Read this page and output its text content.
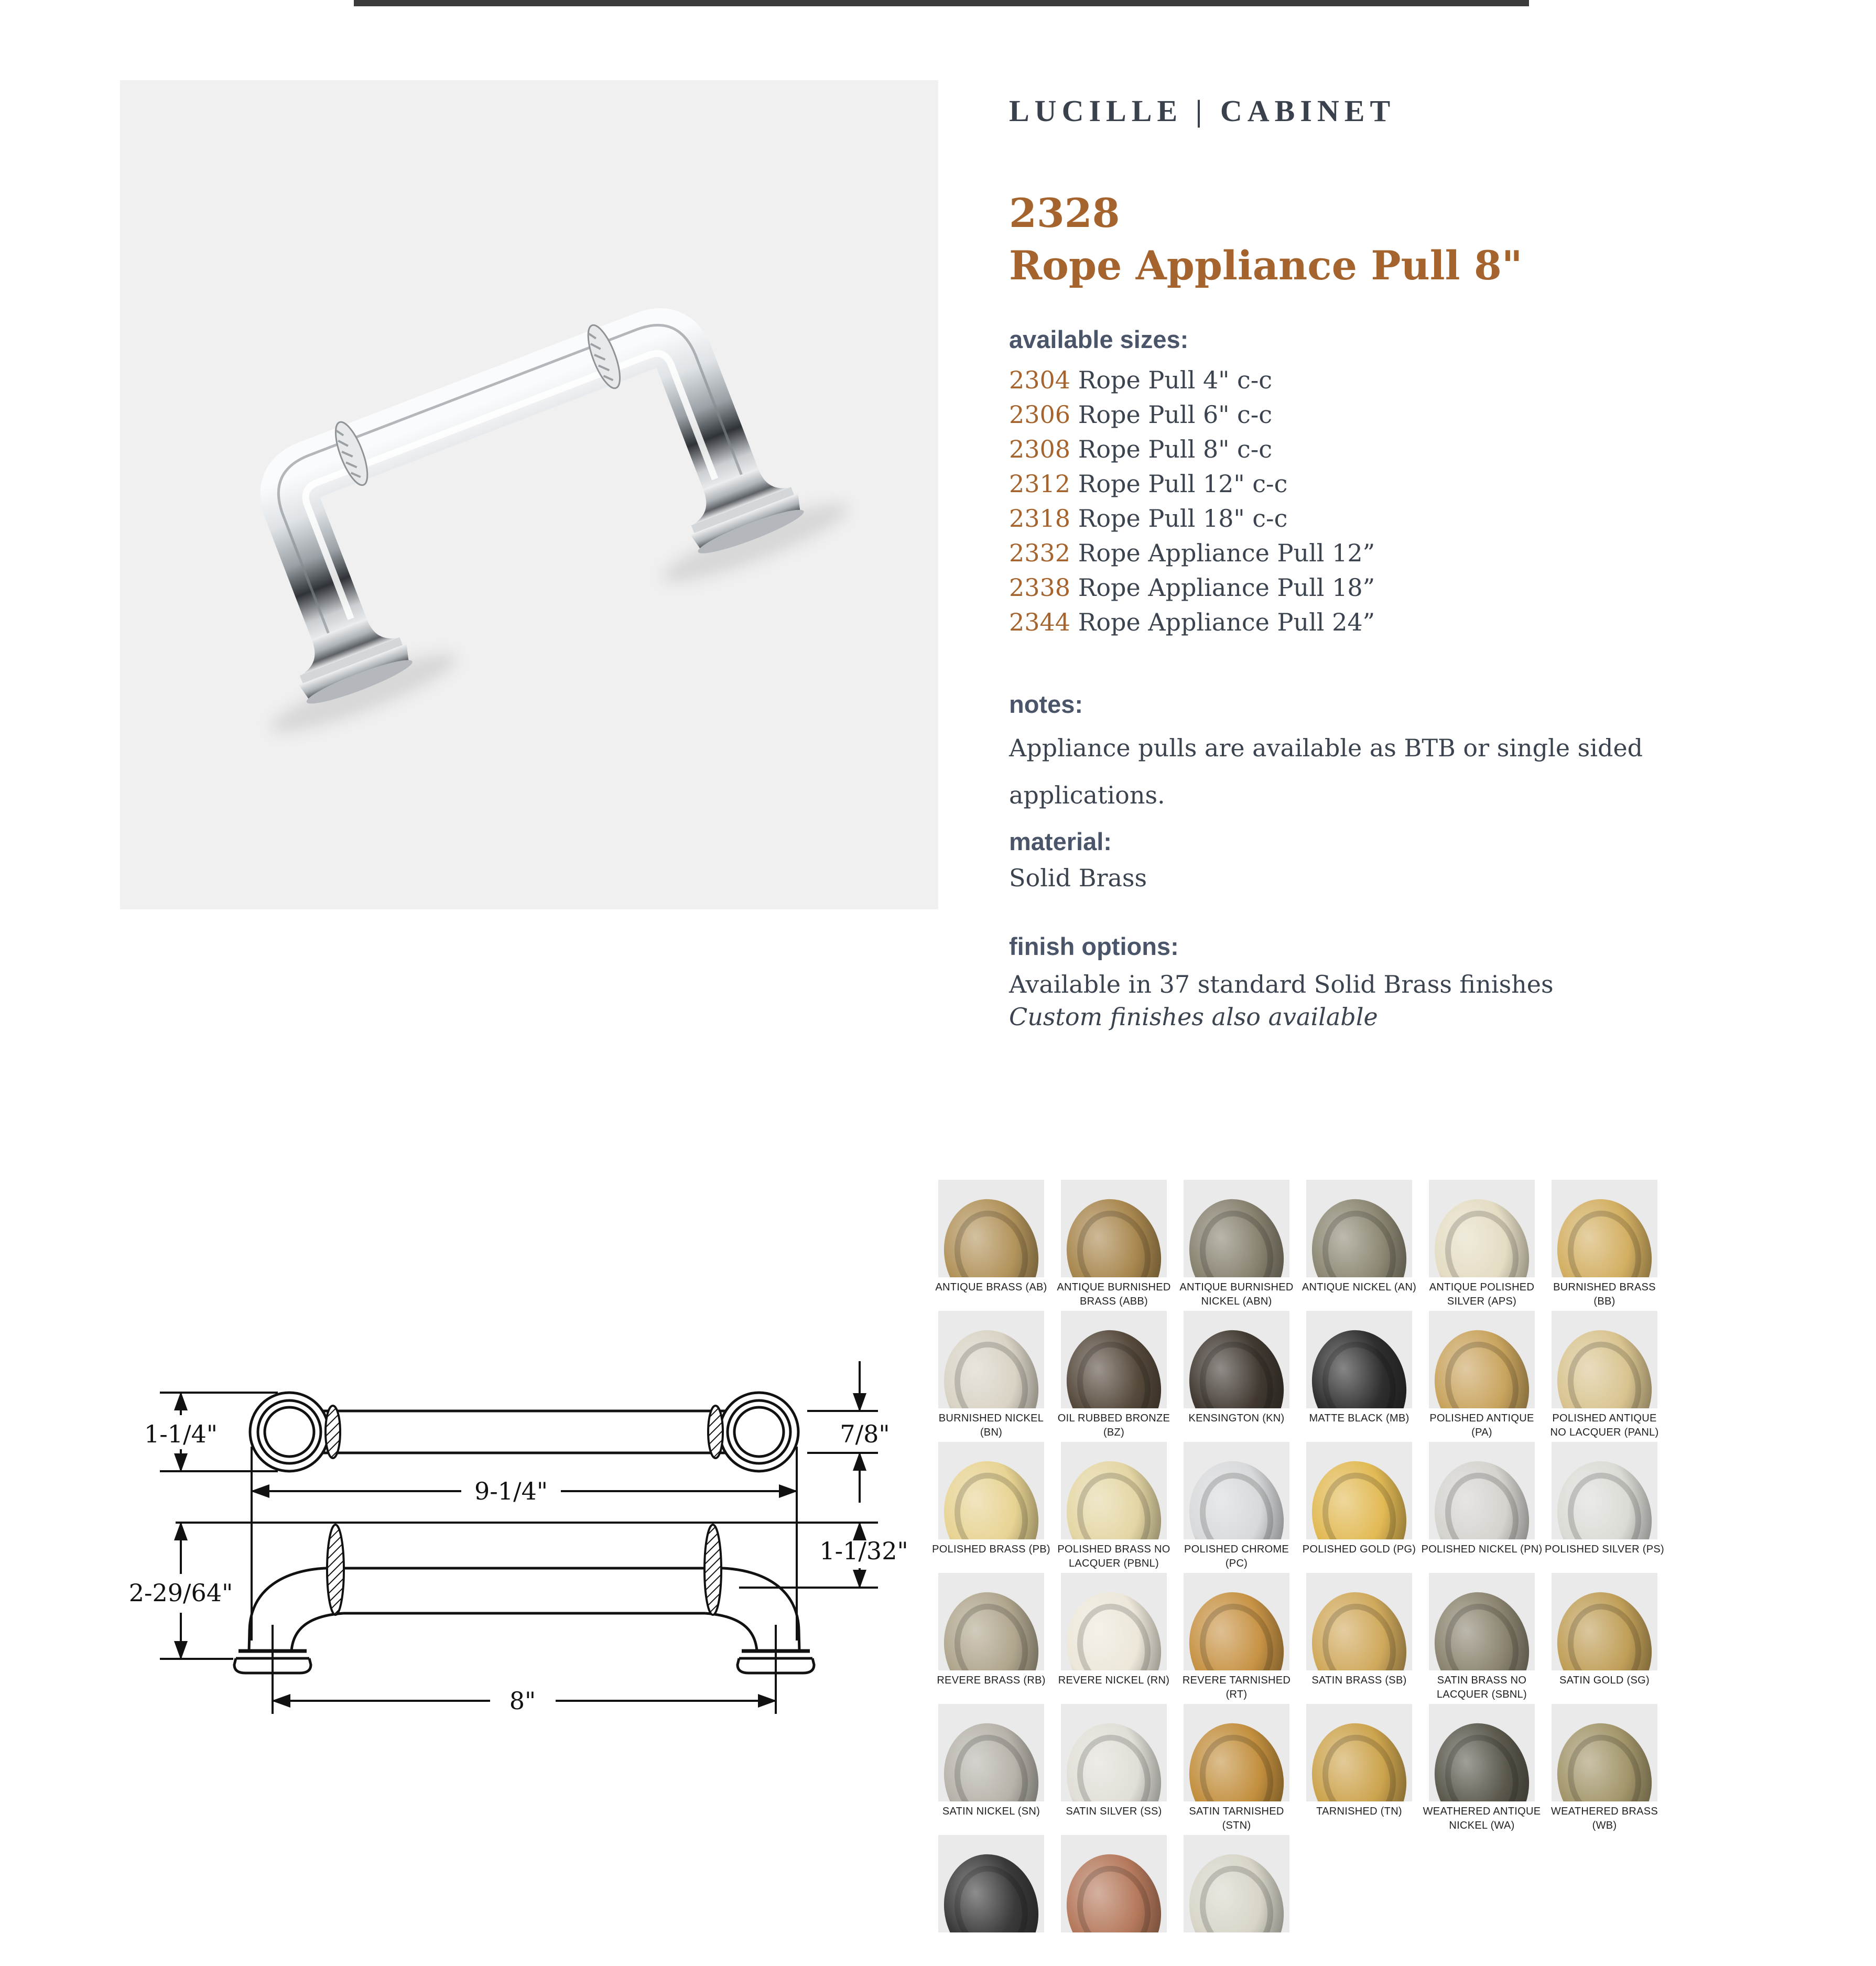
LUCILLE | CABINET
2328
Rope Appliance Pull 8"
available sizes:
2304 Rope Pull 4" c-c
2306 Rope Pull 6" c-c
2308 Rope Pull 8" c-c
2312 Rope Pull 12" c-c
2318 Rope Pull 18" c-c
2332 Rope Appliance Pull 12”
2338 Rope Appliance Pull 18”
2344 Rope Appliance Pull 24”
notes:
Appliance pulls are available as BTB or single sided applications.
material:
Solid Brass
finish options:
Available in 37 standard Solid Brass finishes
Custom finishes also available
1-1/4"	7/8"
9-1/4"
2-29/64"
1-1/32"
8"
ANTIQUE BRASS (AB) ANTIQUE BURNISHED BRASS (ABB)
ANTIQUE BURNISHED NICKEL (ABN)
ANTIQUE NICKEL (AN)	ANTIQUE POLISHED SILVER (APS)
BURNISHED BRASS (BB)
BURNISHED NICKEL (BN)
OIL RUBBED BRONZE (BZ)
KENSINGTON (KN)	MATTE BLACK (MB)	POLISHED ANTIQUE (PA)
POLISHED ANTIQUE NO LACQUER (PANL)
POLISHED BRASS (PB) POLISHED BRASS NO LACQUER (PBNL)
POLISHED CHROME (PC)
POLISHED GOLD (PG) POLISHED NICKEL (PN) POLISHED SILVER (PS)
REVERE BRASS (RB)	REVERE NICKEL (RN)	REVERE TARNISHED (RT)
SATIN BRASS (SB)	SATIN BRASS NO LACQUER (SBNL)
SATIN GOLD (SG)
SATIN NICKEL (SN)	SATIN SILVER (SS)	SATIN TARNISHED (STN)
TARNISHED (TN)	WEATHERED ANTIQUE NICKEL (WA)
WEATHERED BRASS (WB)
